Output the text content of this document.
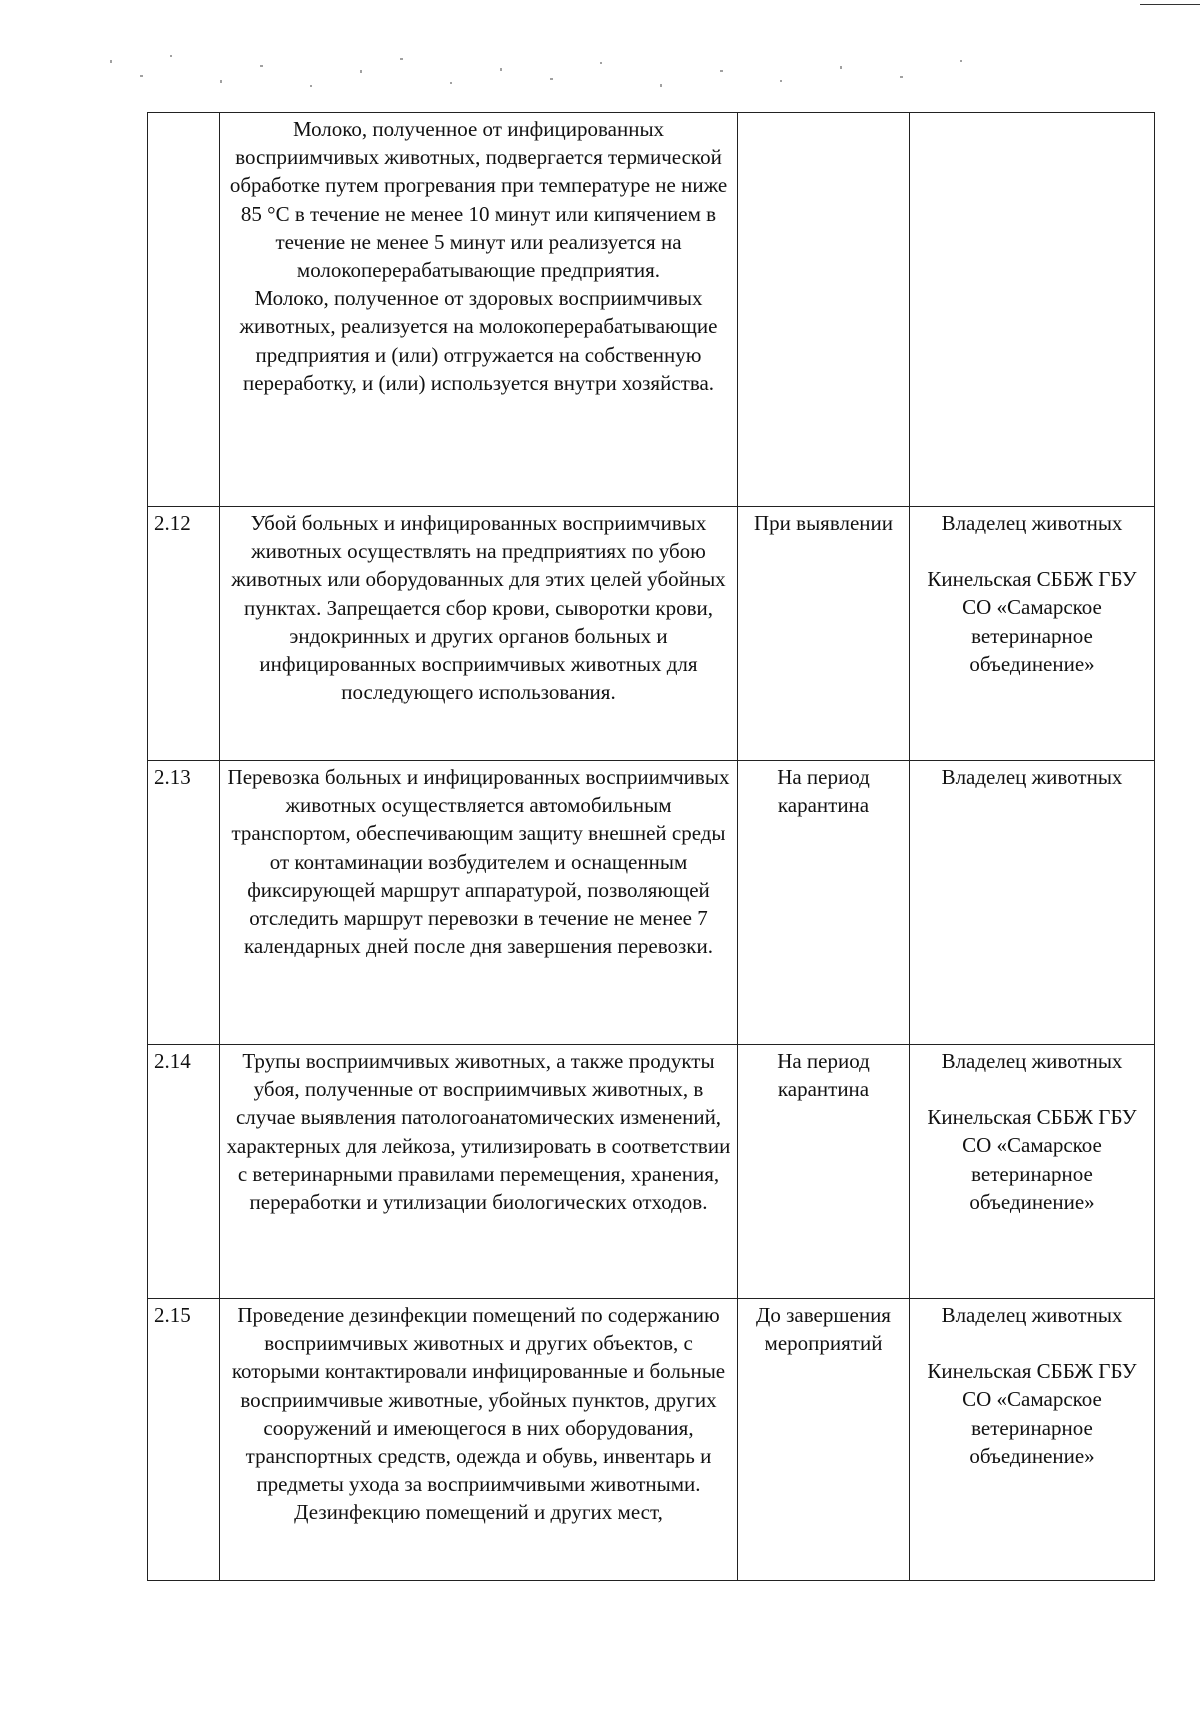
	Молоко, полученное от инфицированных восприимчивых животных, подвергается термической обработке путем прогревания при температуре не ниже 85 °С в течение не менее 10 минут или кипячением в течение не менее 5 минут или реализуется на молокоперерабатывающие предприятия.
Молоко, полученное от здоровых восприимчивых животных, реализуется на молокоперерабатывающие предприятия и (или) отгружается на собственную переработку, и (или) используется внутри хозяйства.		

2.12	Убой больных и инфицированных восприимчивых животных осуществлять на предприятиях по убою животных или оборудованных для этих целей убойных пунктах. Запрещается сбор крови, сыворотки крови, эндокринных и других органов больных и инфицированных восприимчивых животных для последующего использования.	При выявлении	Владелец животных
Кинельская СББЖ ГБУ СО «Самарское ветеринарное объединение»

2.13	Перевозка больных и инфицированных восприимчивых животных осуществляется автомобильным транспортом, обеспечивающим защиту внешней среды от контаминации возбудителем и оснащенным фиксирующей маршрут аппаратурой, позволяющей отследить маршрут перевозки в течение не менее 7 календарных дней после дня завершения перевозки.	На период карантина	Владелец животных

2.14	Трупы восприимчивых животных, а также продукты убоя, полученные от восприимчивых животных, в случае выявления патологоанатомических изменений, характерных для лейкоза, утилизировать в соответствии с ветеринарными правилами перемещения, хранения, переработки и утилизации биологических отходов.	На период карантина	Владелец животных
Кинельская СББЖ ГБУ СО «Самарское ветеринарное объединение»

2.15	Проведение дезинфекции помещений по содержанию восприимчивых животных и других объектов, с которыми контактировали инфицированные и больные восприимчивые животные, убойных пунктов, других сооружений и имеющегося в них оборудования, транспортных средств, одежда и обувь, инвентарь и предметы ухода за восприимчивыми животными.
Дезинфекцию помещений и других мест,	До завершения мероприятий	Владелец животных
Кинельская СББЖ ГБУ СО «Самарское ветеринарное объединение»
